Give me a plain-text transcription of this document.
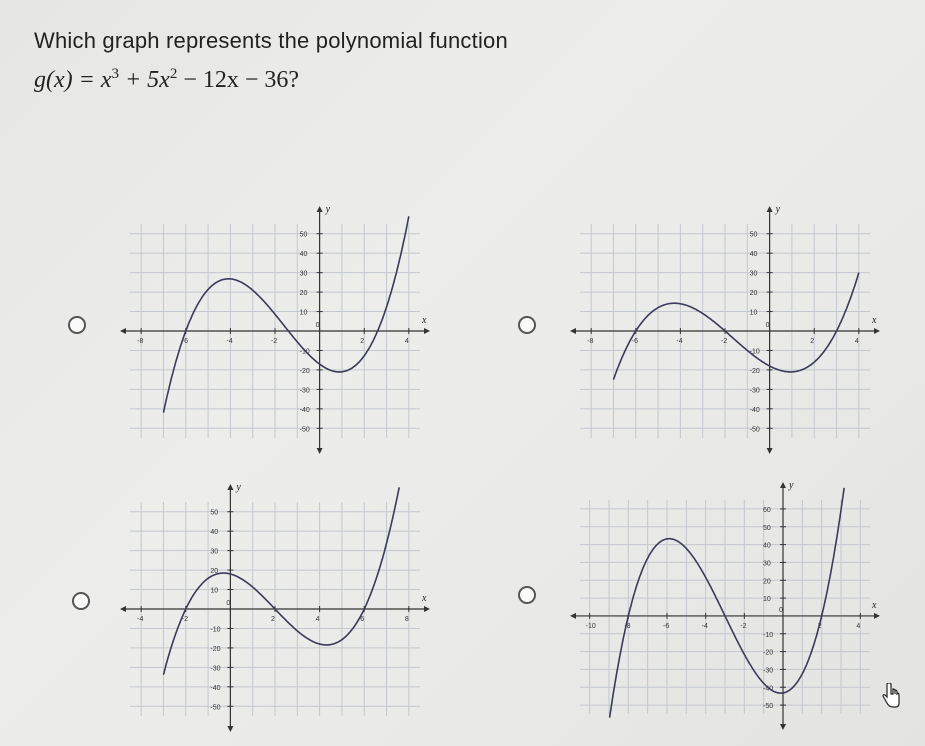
Which graph represents the polynomial function
$g(x) = x^3 + 5x^2 - 12x - 36$?
x
y
-8	-6	-4	-2
0
2	4
50
40
30
20
10
-10
-20
-30
-40
-50
x
y
-8	-6	-4	-2
0
2	4
50
40
30
20
10
-10
-20
-30
-40
-50
x
y
-4	-2
0
2	4	6	8
50
40
30
20
10
-10
-20
-30
-40
-50
x
y
-10	-8	-6	-4	-2
0
2	4
60
50
40
30
20
10
-10
-20
-30
-40
-50
